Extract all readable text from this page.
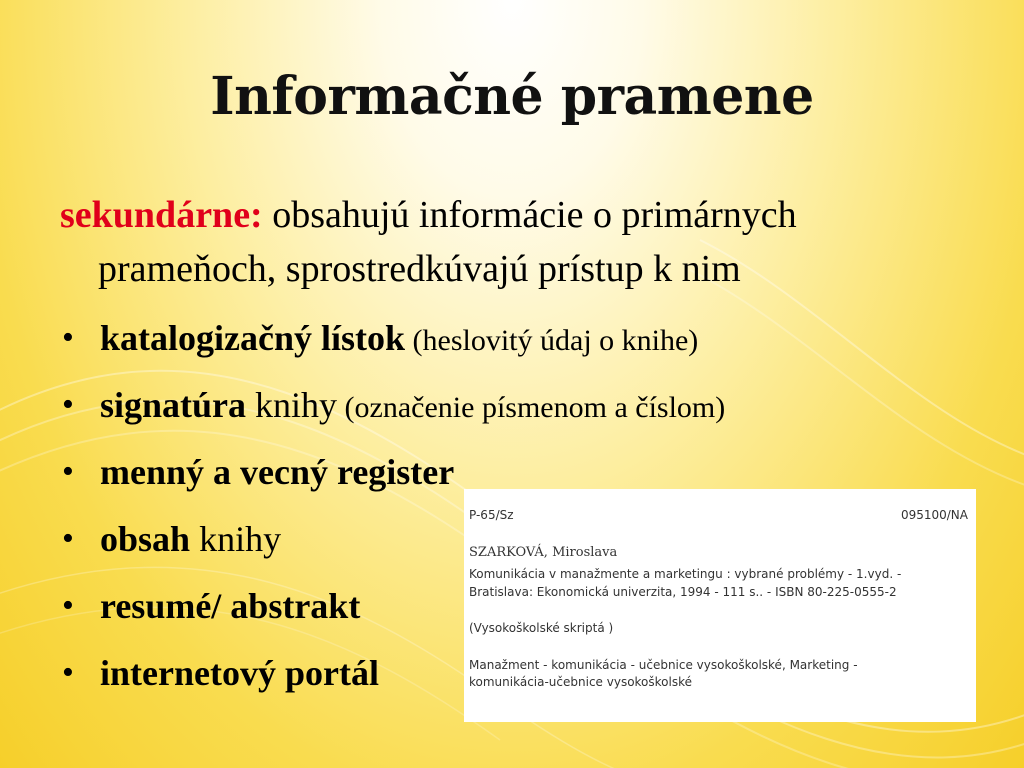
Informačné pramene
sekundárne: obsahujú informácie o primárnych prameňoch, sprostredkúvajú prístup k nim
• katalogizačný lístok (heslovitý údaj o knihe)
• signatúra knihy (označenie písmenom a číslom)
• menný a vecný register
• obsah knihy
• resumé/ abstrakt
• internetový portál
P-65/Sz	095100/NA
SZARKOVÁ, Miroslava
Komunikácia v manažmente a marketingu : vybrané problémy - 1.vyd. -
Bratislava: Ekonomická univerzita, 1994 - 111 s.. - ISBN 80-225-0555-2
(Vysokoškolské skriptá )
Manažment - komunikácia - učebnice vysokoškolské, Marketing -
komunikácia-učebnice vysokoškolské
